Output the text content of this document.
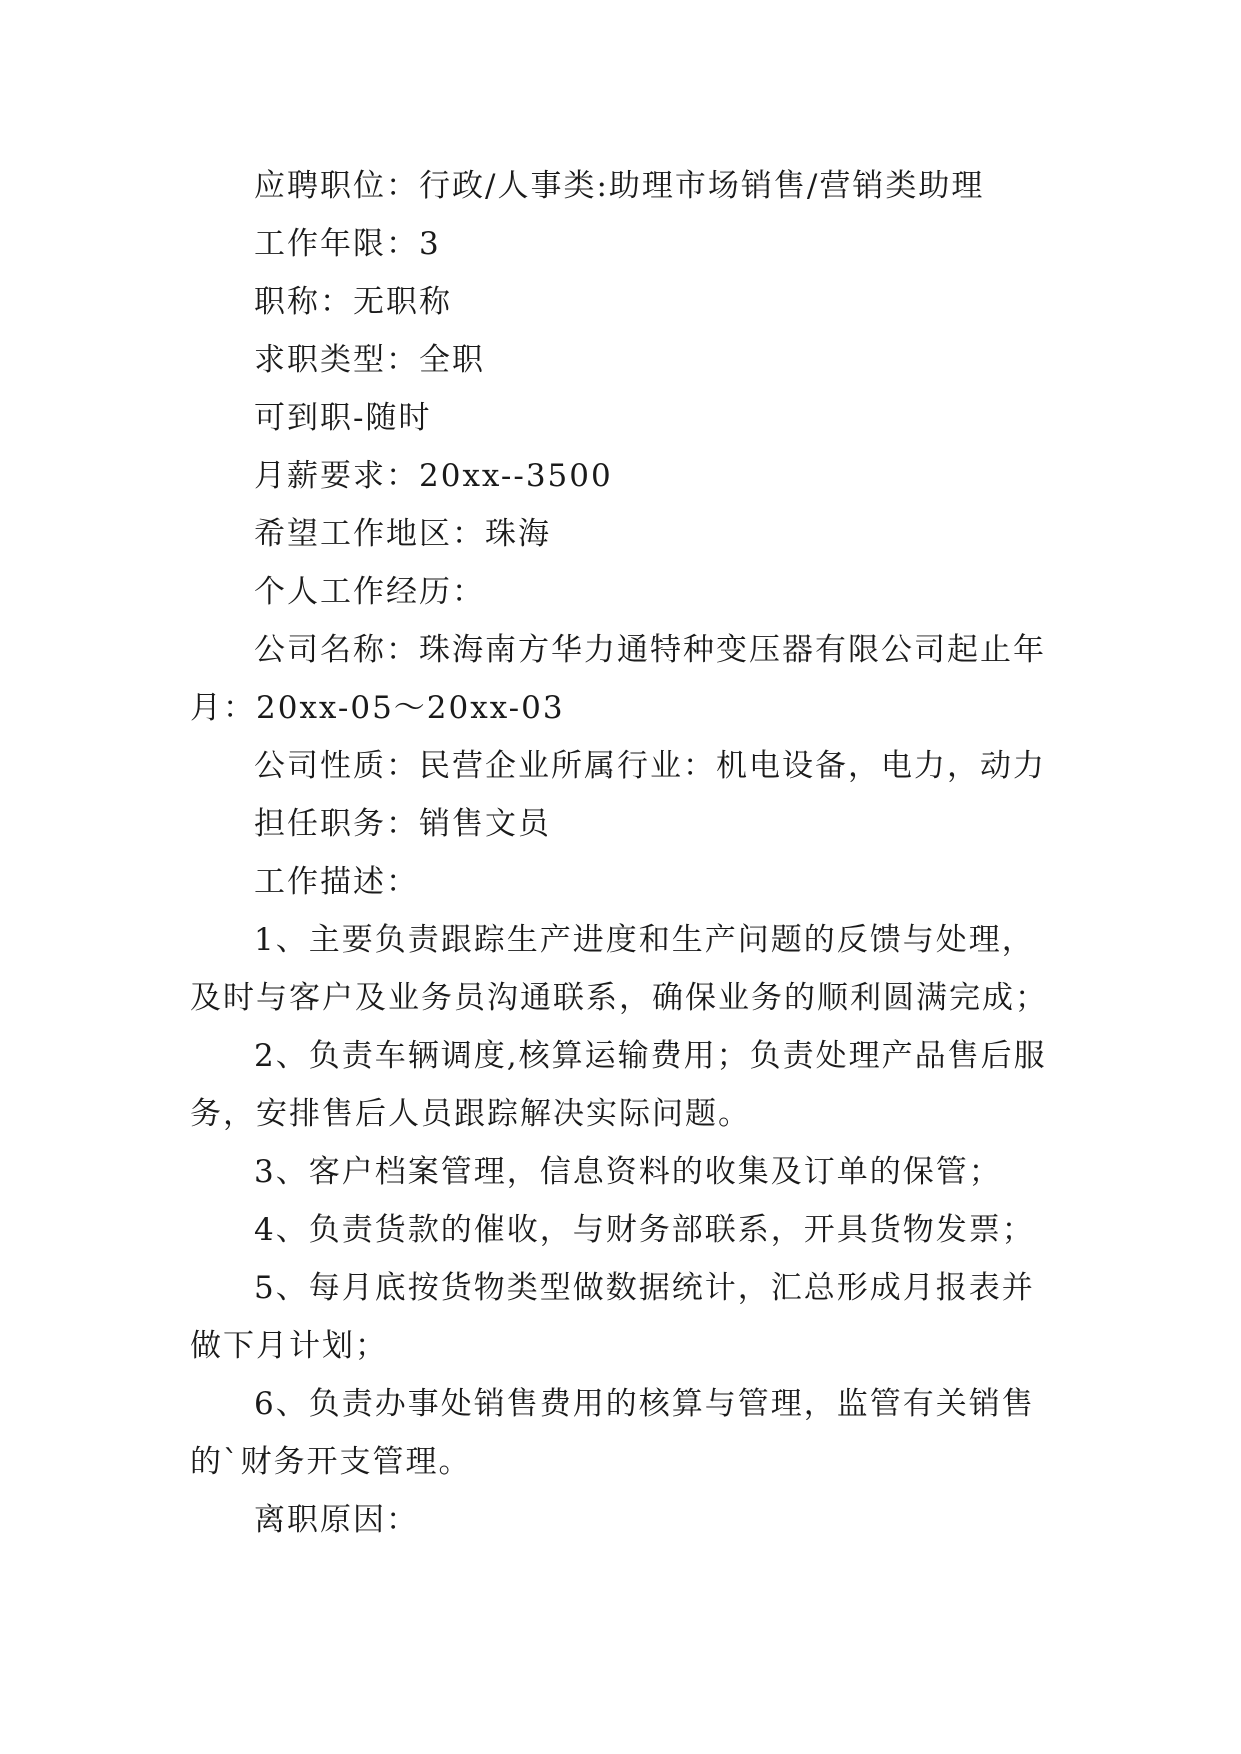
应聘职位：行政/人事类:助理市场销售/营销类助理

工作年限：3

职称：无职称

求职类型：全职

可到职-随时

月薪要求：20xx--3500

希望工作地区：珠海

个人工作经历：

公司名称：珠海南方华力通特种变压器有限公司起止年月：20xx-05～20xx-03

公司性质：民营企业所属行业：机电设备，电力，动力

担任职务：销售文员

工作描述：

1、主要负责跟踪生产进度和生产问题的反馈与处理，及时与客户及业务员沟通联系，确保业务的顺利圆满完成；

2、负责车辆调度,核算运输费用；负责处理产品售后服务，安排售后人员跟踪解决实际问题。

3、客户档案管理，信息资料的收集及订单的保管；

4、负责货款的催收，与财务部联系，开具货物发票；

5、每月底按货物类型做数据统计，汇总形成月报表并做下月计划；

6、负责办事处销售费用的核算与管理，监管有关销售的`财务开支管理。

离职原因：
